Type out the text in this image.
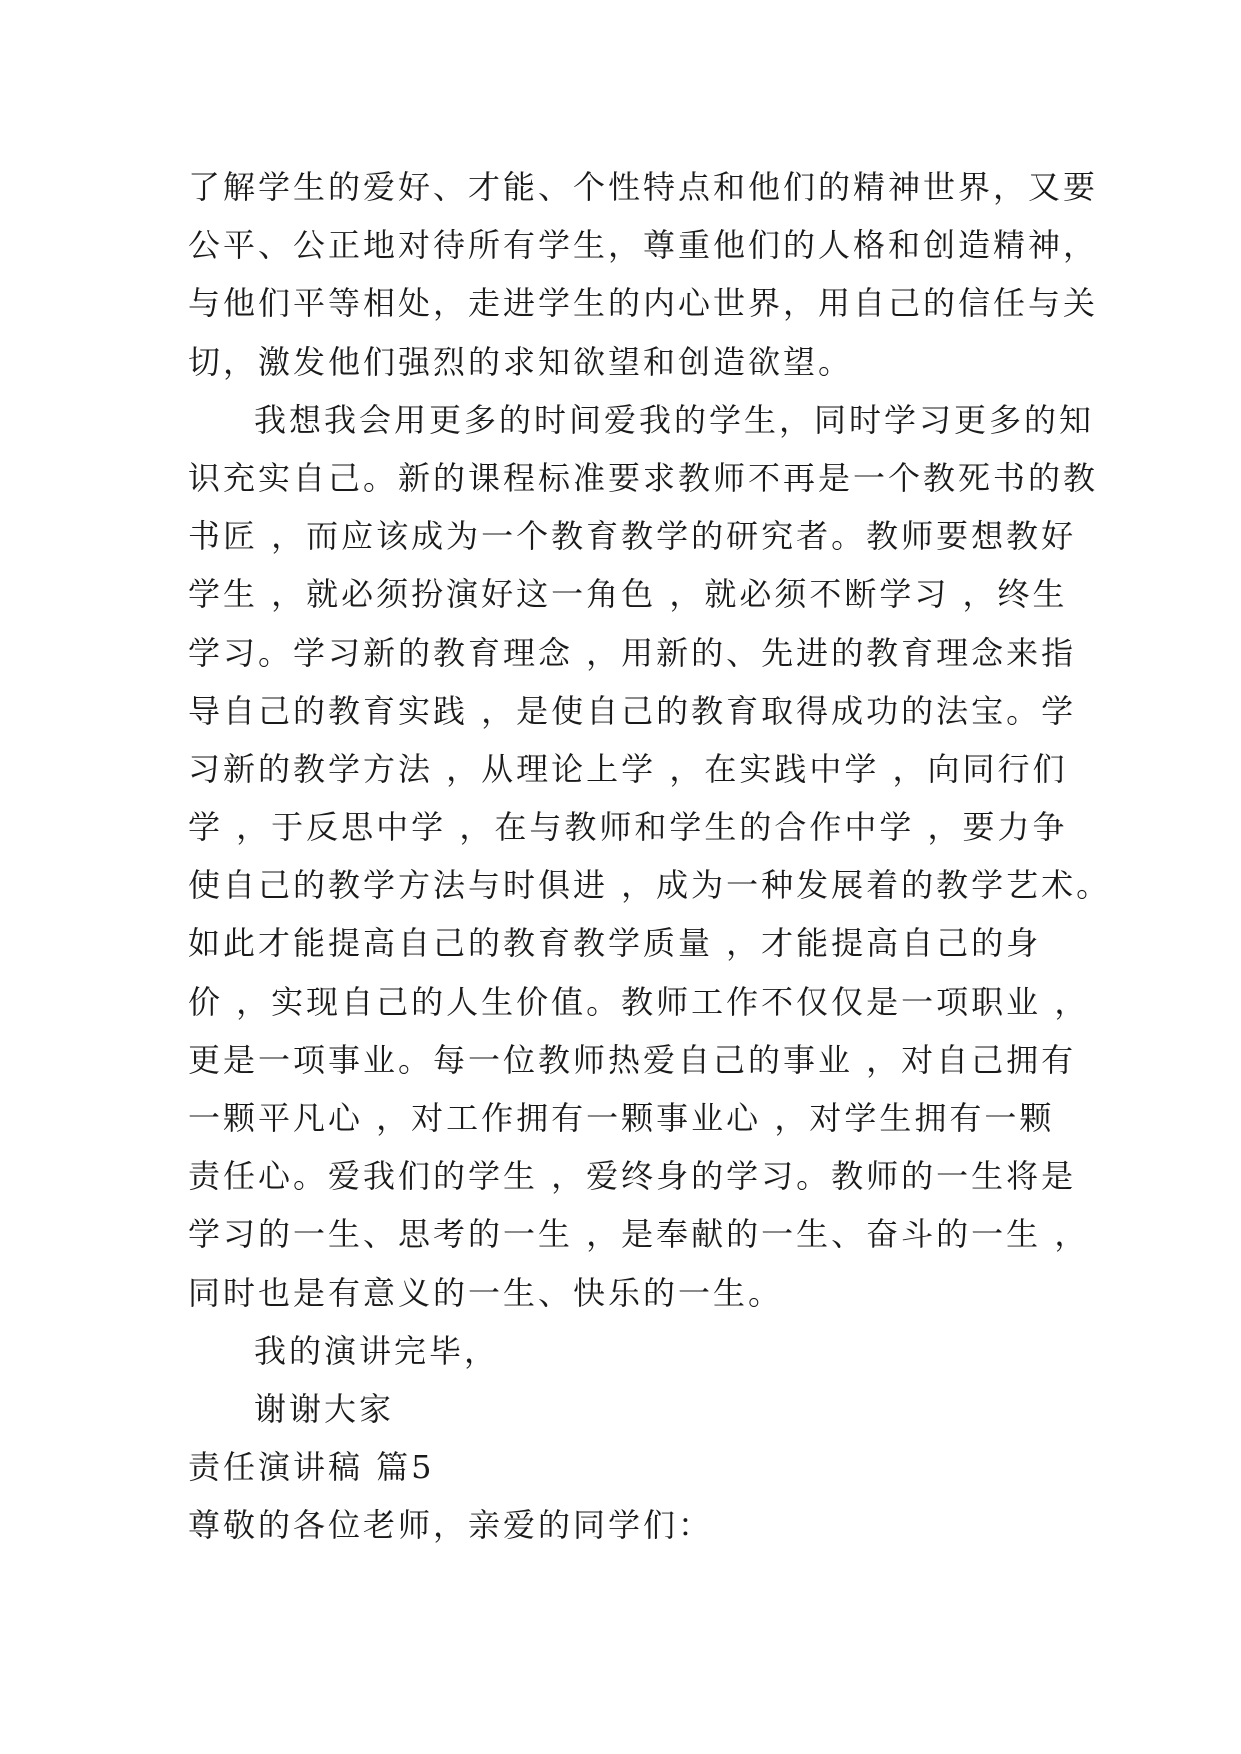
了解学生的爱好、才能、个性特点和他们的精神世界，又要

公平、公正地对待所有学生，尊重他们的人格和创造精神，

与他们平等相处，走进学生的内心世界，用自己的信任与关

切，激发他们强烈的求知欲望和创造欲望。

我想我会用更多的时间爱我的学生，同时学习更多的知

识充实自己。新的课程标准要求教师不再是一个教死书的教

书匠 ，而应该成为一个教育教学的研究者。教师要想教好

学生 ，就必须扮演好这一角色 ，就必须不断学习 ，终生

学习。学习新的教育理念 ，用新的、先进的教育理念来指

导自己的教育实践 ，是使自己的教育取得成功的法宝。学

习新的教学方法 ，从理论上学 ，在实践中学 ，向同行们

学 ，于反思中学 ，在与教师和学生的合作中学 ，要力争

使自己的教学方法与时俱进 ，成为一种发展着的教学艺术。

如此才能提高自己的教育教学质量 ，才能提高自己的身

价 ，实现自己的人生价值。教师工作不仅仅是一项职业 ，

更是一项事业。每一位教师热爱自己的事业 ，对自己拥有

一颗平凡心 ，对工作拥有一颗事业心 ，对学生拥有一颗

责任心。爱我们的学生 ，爱终身的学习。教师的一生将是

学习的一生、思考的一生 ，是奉献的一生、奋斗的一生 ，

同时也是有意义的一生、快乐的一生。

我的演讲完毕，

谢谢大家

责任演讲稿 篇5

尊敬的各位老师，亲爱的同学们：
